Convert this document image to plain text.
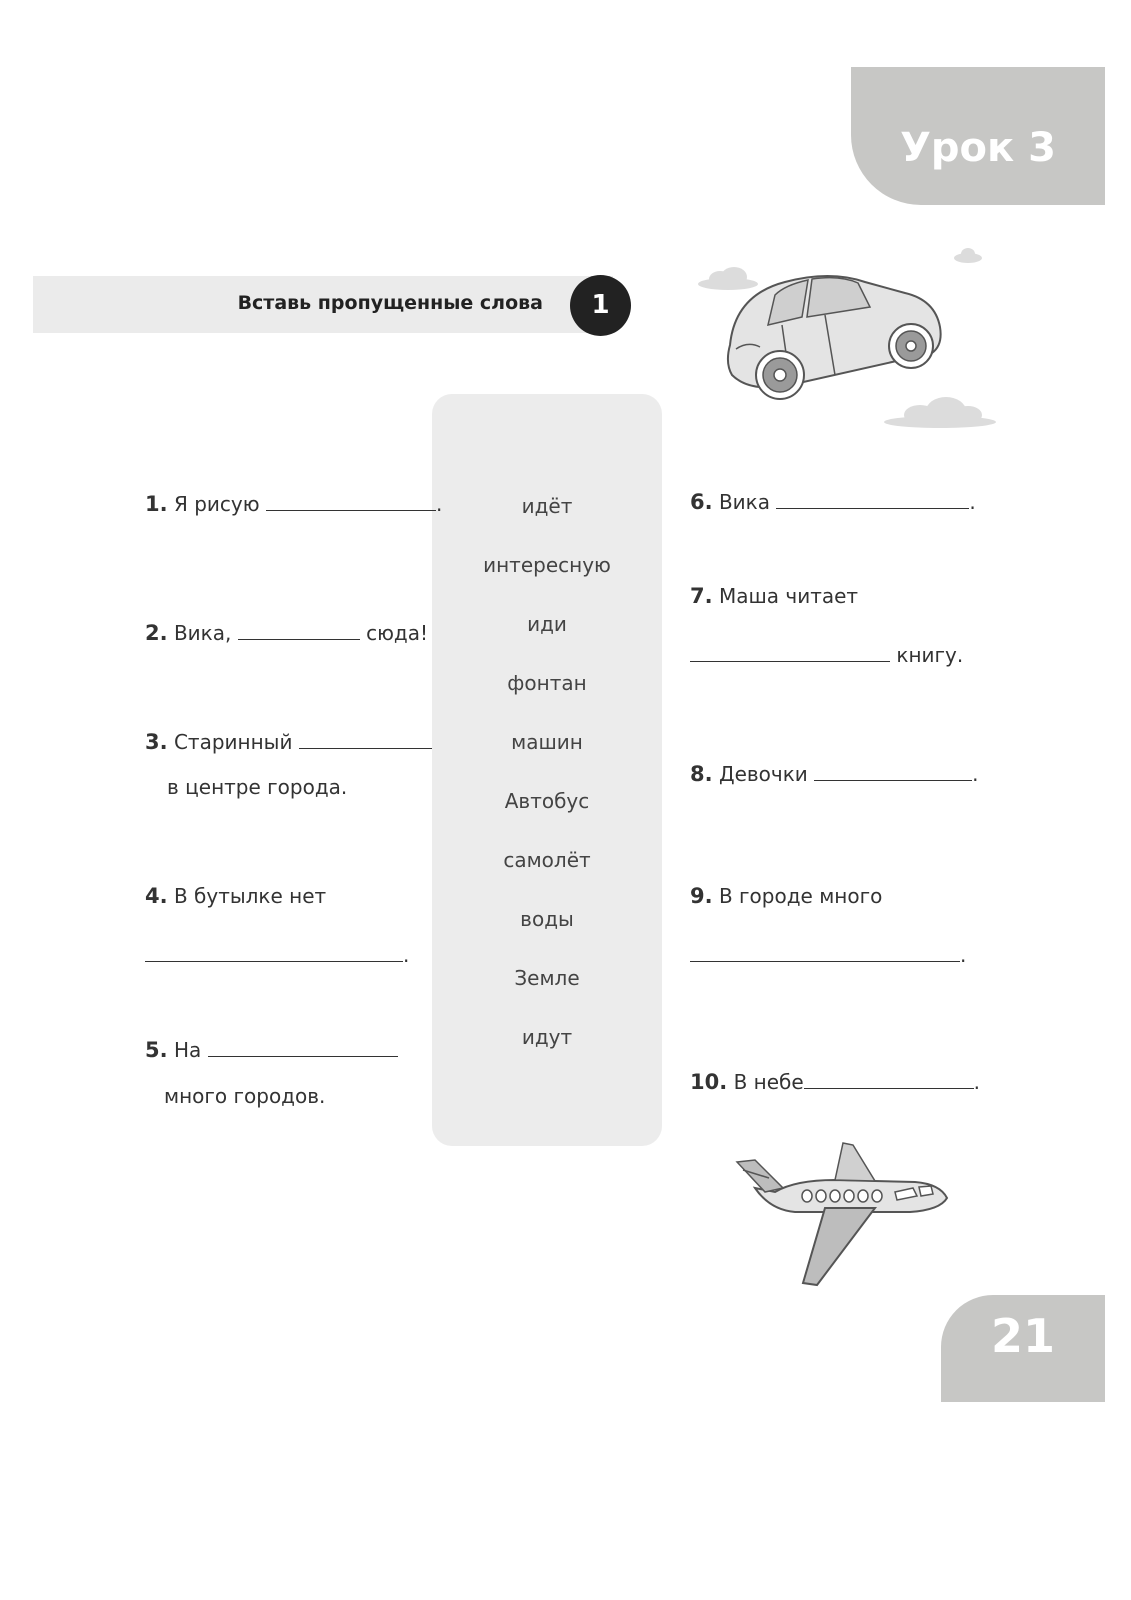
Урок 3
Вставь пропущенные слова	1
идёт
интересную
иди
фонтан
машин
Автобус
самолёт
воды
Земле
идут
1. Я рисую	.
2. Вика,	сюда!
3. Старинный
в центре города.
4. В бутылке нет
.
5. На
много городов.
6. Вика	.
7. Маша читает
книгу.
8. Девочки	.
9. В городе много
.
10. В небе	.
21
